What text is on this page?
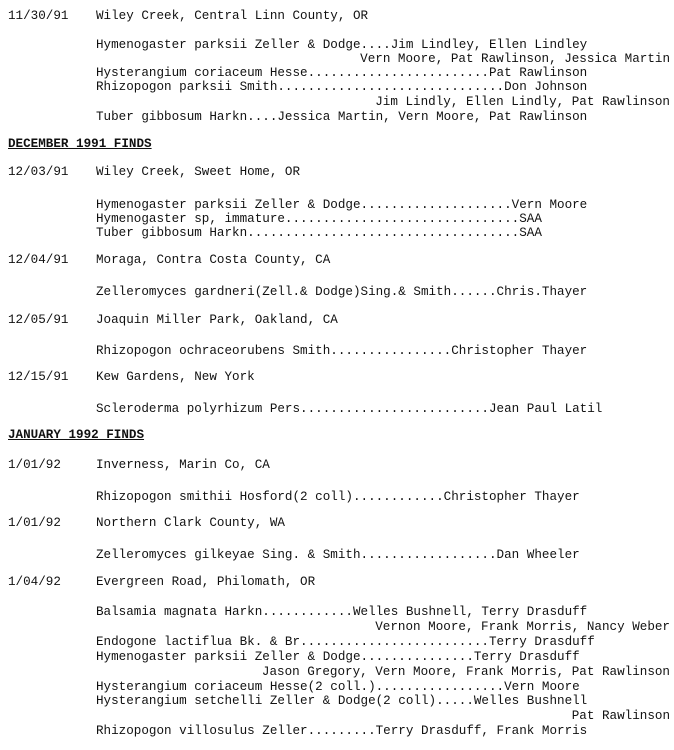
11/30/91 Wiley Creek, Central Linn County, OR
Hymenogaster parksii Zeller & Dodge....Jim Lindley, Ellen Lindley
Vern Moore, Pat Rawlinson, Jessica Martin
Hysterangium coriaceum Hesse........................Pat Rawlinson
Rhizopogon parksii Smith..............................Don Johnson
Jim Lindly, Ellen Lindly, Pat Rawlinson
Tuber gibbosum Harkn....Jessica Martin, Vern Moore, Pat Rawlinson
DECEMBER 1991 FINDS
12/03/91 Wiley Creek, Sweet Home, OR
Hymenogaster parksii Zeller & Dodge....................Vern Moore
Hymenogaster sp, immature...............................SAA
Tuber gibbosum Harkn....................................SAA
12/04/91 Moraga, Contra Costa County, CA
Zelleromyces gardneri(Zell.& Dodge)Sing.& Smith......Chris.Thayer
12/05/91 Joaquin Miller Park, Oakland, CA
Rhizopogon ochraceorubens Smith................Christopher Thayer
12/15/91 Kew Gardens, New York
Scleroderma polyrhizum Pers.........................Jean Paul Latil
JANUARY 1992 FINDS
1/01/92	Inverness, Marin Co, CA
Rhizopogon smithii Hosford(2 coll)............Christopher Thayer
1/01/92	Northern Clark County, WA
Zelleromyces gilkeyae Sing. & Smith..................Dan Wheeler
1/04/92	Evergreen Road, Philomath, OR
Balsamia magnata Harkn............Welles Bushnell, Terry Drasduff
Vernon Moore, Frank Morris, Nancy Weber
Endogone lactiflua Bk. & Br.........................Terry Drasduff
Hymenogaster parksii Zeller & Dodge...............Terry Drasduff
Jason Gregory, Vern Moore, Frank Morris, Pat Rawlinson
Hysterangium coriaceum Hesse(2 coll.).................Vern Moore
Hysterangium setchelli Zeller & Dodge(2 coll).....Welles Bushnell
Pat Rawlinson
Rhizopogon villosulus Zeller.........Terry Drasduff, Frank Morris
